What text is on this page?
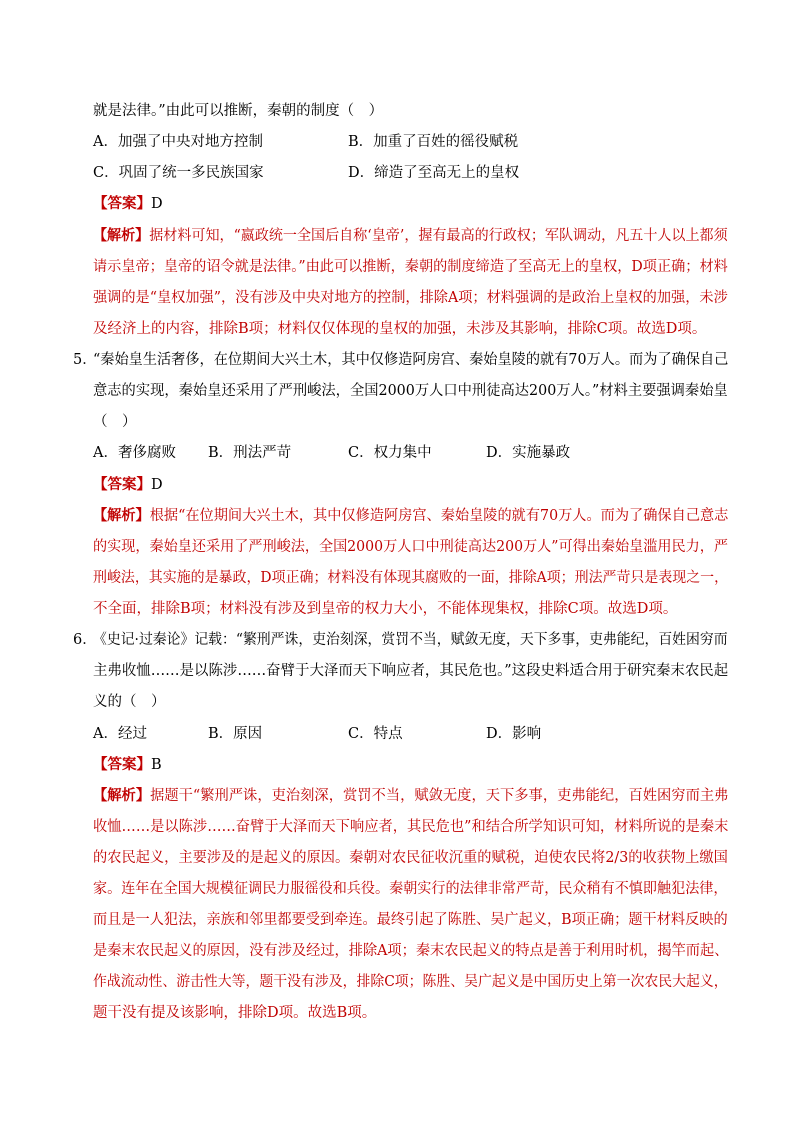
就是法律。”由此可以推断，秦朝的制度（　）
A．加强了中央对地方控制	B．加重了百姓的徭役赋税
C．巩固了统一多民族国家	D．缔造了至高无上的皇权
【答案】D
【解析】据材料可知，“嬴政统一全国后自称‘皇帝’，握有最高的行政权；军队调动，凡五十人以上都须
请示皇帝；皇帝的诏令就是法律。”由此可以推断，秦朝的制度缔造了至高无上的皇权，D项正确；材料
强调的是“皇权加强”，没有涉及中央对地方的控制，排除A项；材料强调的是政治上皇权的加强，未涉
及经济上的内容，排除B项；材料仅仅体现的皇权的加强，未涉及其影响，排除C项。故选D项。
5．
“秦始皇生活奢侈，在位期间大兴土木，其中仅修造阿房宫、秦始皇陵的就有70万人。而为了确保自己
意志的实现，秦始皇还采用了严刑峻法，全国2000万人口中刑徒高达200万人。”材料主要强调秦始皇
（　）
A．奢侈腐败 B．刑法严苛	C．权力集中	D．实施暴政
【答案】D
【解析】根据“在位期间大兴土木，其中仅修造阿房宫、秦始皇陵的就有70万人。而为了确保自己意志
的实现，秦始皇还采用了严刑峻法，全国2000万人口中刑徒高达200万人”可得出秦始皇滥用民力，严
刑峻法，其实施的是暴政，D项正确；材料没有体现其腐败的一面，排除A项；刑法严苛只是表现之一，
不全面，排除B项；材料没有涉及到皇帝的权力大小，不能体现集权，排除C项。故选D项。
6．
《史记·过秦论》记载：“繁刑严诛，吏治刻深，赏罚不当，赋敛无度，天下多事，吏弗能纪，百姓困穷而
主弗收恤……是以陈涉……奋臂于大泽而天下响应者，其民危也。”这段史料适合用于研究秦末农民起
义的（　）
A．经过	B．原因	C．特点	D．影响
【答案】B
【解析】据题干“繁刑严诛，吏治刻深，赏罚不当，赋敛无度，天下多事，吏弗能纪，百姓困穷而主弗
收恤……是以陈涉……奋臂于大泽而天下响应者，其民危也”和结合所学知识可知，材料所说的是秦末
的农民起义，主要涉及的是起义的原因。秦朝对农民征收沉重的赋税，迫使农民将2/3的收获物上缴国
家。连年在全国大规模征调民力服徭役和兵役。秦朝实行的法律非常严苛，民众稍有不慎即触犯法律，
而且是一人犯法，亲族和邻里都要受到牵连。最终引起了陈胜、吴广起义，B项正确；题干材料反映的
是秦末农民起义的原因，没有涉及经过，排除A项；秦末农民起义的特点是善于利用时机，揭竿而起、
作战流动性、游击性大等，题干没有涉及，排除C项；陈胜、吴广起义是中国历史上第一次农民大起义，
题干没有提及该影响，排除D项。故选B项。
